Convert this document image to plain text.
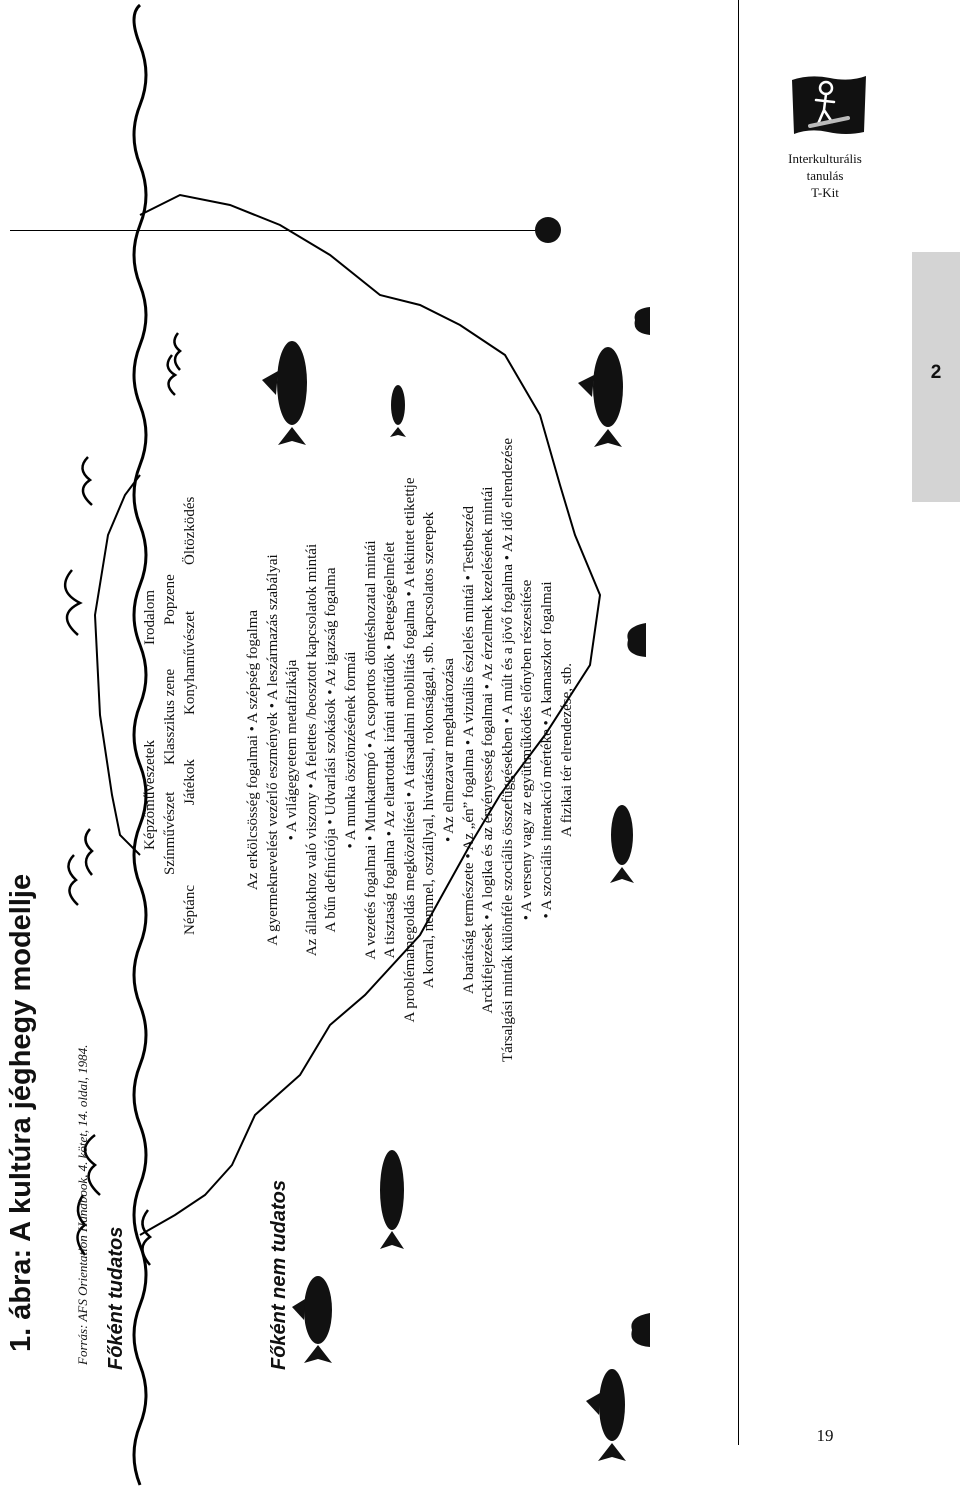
Interkulturális
tanulás
T-Kit
2
19
1. ábra: A kultúra jéghegy modellje	Főként tudatos	Főként nem tudatos
Képzőművészetek
Irodalom
Színművészet
Klasszikus zene
Popzene
Néptánc
Játékok
Konyhaművészet
Öltözködés
Az erkölcsösség fogalmai • A szépség fogalma A gyermeknevelést vezérlő eszmények • A leszármazás szabályai • A világegyetem metafizikája Az állatokhoz való viszony • A felettes /beosztott kapcsolatok mintái A bűn definíciója • Udvarlási szokások • Az igazság fogalma • A munka ösztönzésének formái A vezetés fogalmai • Munkatempó • A csoportos döntéshozatal mintái A tisztaság fogalma • Az eltartottak iránti attitűdök • Betegségelmélet A problémamegoldás megközelítései • A társadalmi mobilitás fogalma • A tekintet etikettje A korral, nemmel, osztállyal, hivatással, rokonsággal, stb. kapcsolatos szerepek • Az elmezavar meghatározása A barátság természete • Az „én” fogalma • A vizuális észlelés mintái • Testbeszéd Arckifejezések • A logika és az érvényesség fogalmai • Az érzelmek kezelésének mintái Társalgási minták különféle szociális összefüggésekben • A múlt és a jövő fogalma • Az idő elrendezése • A verseny vagy az együttműködés előnyben részesítése • A szociális interakció mértéke • A kamaszkor fogalmai A fizikai tér elrendezése, stb.
Forrás: AFS Orientation Handbook, 4. kötet, 14. oldal, 1984.
